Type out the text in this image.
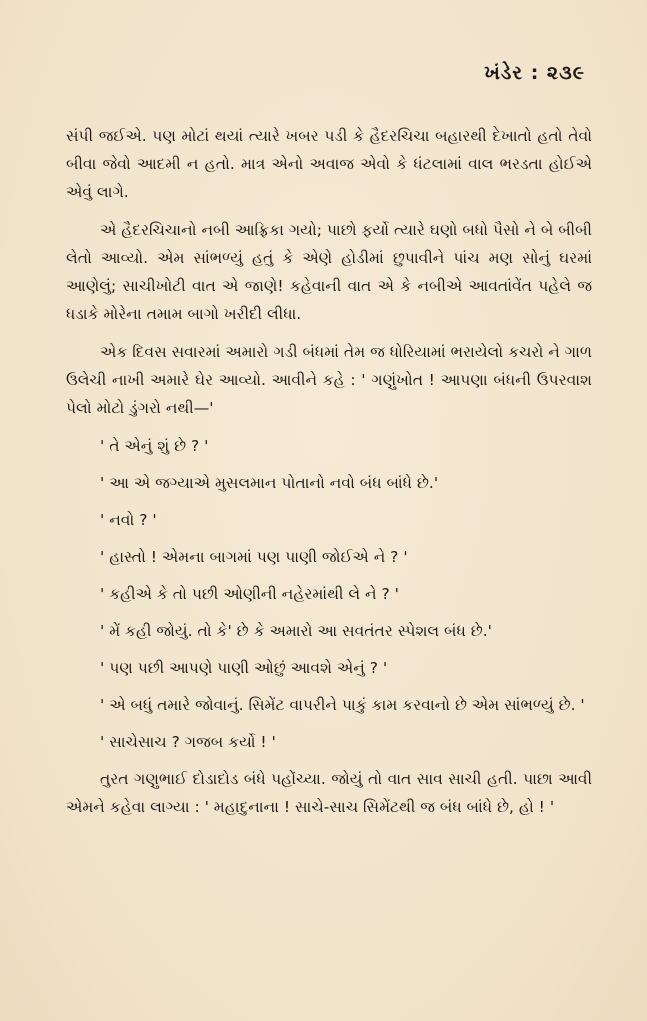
ખંડેર : ૨૩૯

સંપી જઈએ. પણ મોટાં થયાં ત્યારે ખબર પડી કે હૈદરચિચા બહારથી દેખાતો હતો તેવો બીવા જેવો આદમી ન હતો. માત્ર એનો અવાજ એવો કે ધંટલામાં વાલ ભરડતા હોઈએ એવું લાગે.

એ હૈદરચિચાનો નબી આફ્રિકા ગયો; પાછો ફર્યો ત્યારે ઘણો બધો પૈસો ને બે બીબી લેતો આવ્યો. એમ સાંભળ્યું હતું કે એણે હોડીમાં છુપાવીને પાંચ મણ સોનું ઘરમાં આણેલું; સાચીખોટી વાત એ જાણે! કહેવાની વાત એ કે નબીએ આવતાંવેંત પહેલે જ ધડાકે મોરેના તમામ બાગો ખરીદી લીધા.

એક દિવસ સવારમાં અમારો ગડી બંધમાં તેમ જ ધોરિયામાં ભરાયેલો કચરો ને ગાળ ઉલેચી નાખી અમારે ઘેર આવ્યો. આવીને કહે : ' ગણુંખોત ! આપણા બંધની ઉપરવાશ પેલો મોટો ડુંગરો નથી—'

' તે એનું શું છે ? '

' આ એ જગ્યાએ મુસલમાન પોતાનો નવો બંધ બાંધે છે.'

' નવો ? '

' હાસ્તો ! એમના બાગમાં પણ પાણી જોઈએ ને ? '

' કહીએ કે તો પછી ઓણીની નહેરમાંથી લે ને ? '

' મેં કહી જોયું. તો કે' છે કે અમારો આ સવતંતર સ્પેશલ બંધ છે.'

' પણ પછી આપણે પાણી ઓછું આવશે એનું ? '

' એ બધું તમારે જોવાનું. સિમેંટ વાપરીને પાકું કામ કરવાનો છે એમ સાંભળ્યું છે. '

' સાચેસાચ ? ગજબ કર્યો ! '

તુરત ગણુભાઈ દોડાદોડ બંધે પહોંચ્યા. જોયું તો વાત સાવ સાચી હતી. પાછા આવી એમને કહેવા લાગ્યા : ' મહાદુનાના ! સાચે-સાચ સિમેંટથી જ બંધ બાંધે છે, હો ! '
